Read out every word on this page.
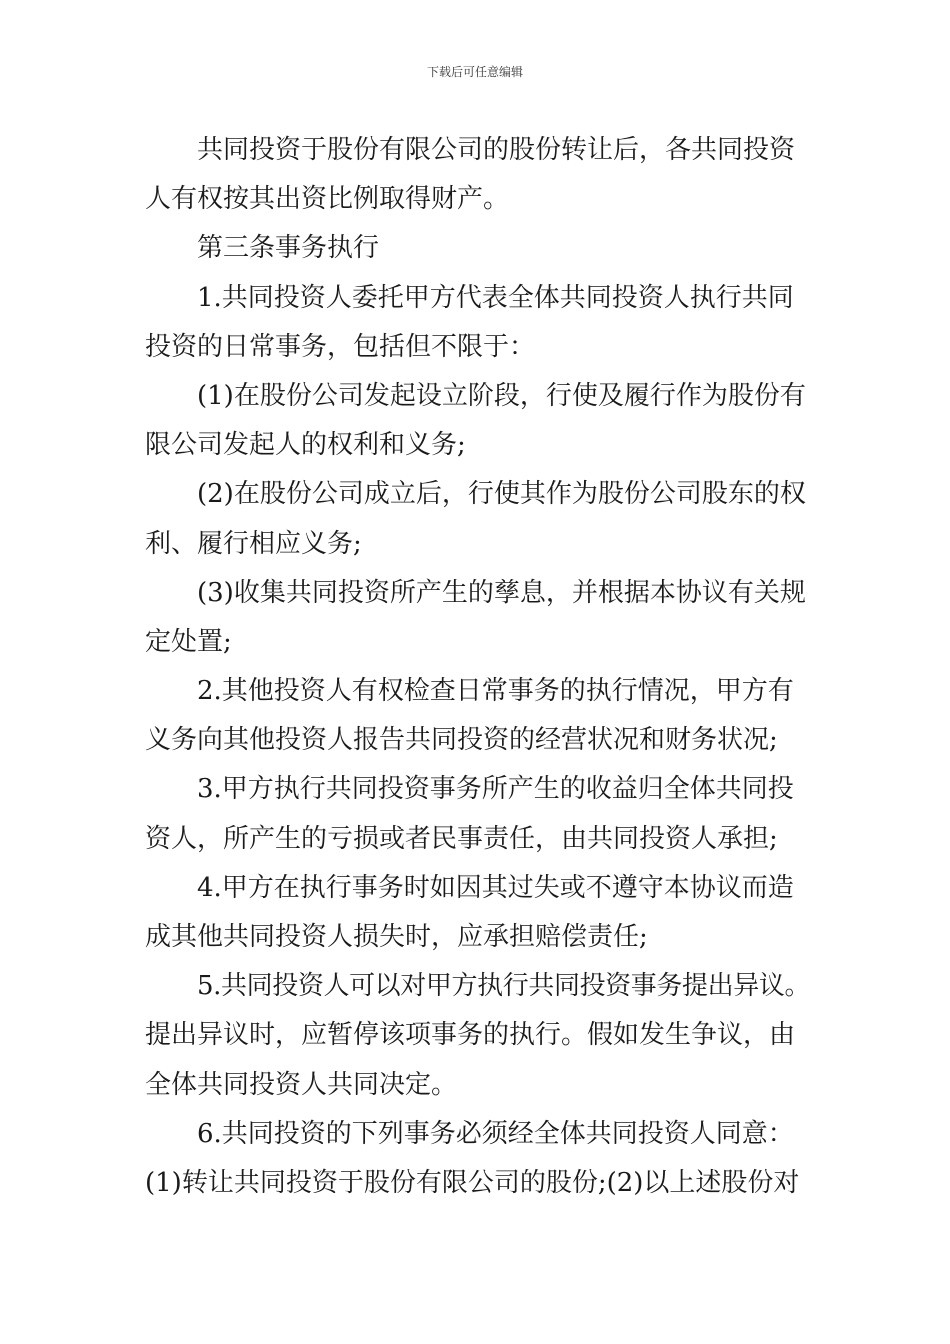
下载后可任意编辑
共同投资于股份有限公司的股份转让后，各共同投资
人有权按其出资比例取得财产。
第三条事务执行
1.共同投资人委托甲方代表全体共同投资人执行共同
投资的日常事务，包括但不限于：
(1)在股份公司发起设立阶段，行使及履行作为股份有
限公司发起人的权利和义务;
(2)在股份公司成立后，行使其作为股份公司股东的权
利、履行相应义务;
(3)收集共同投资所产生的孳息，并根据本协议有关规
定处置;
2.其他投资人有权检查日常事务的执行情况，甲方有
义务向其他投资人报告共同投资的经营状况和财务状况;
3.甲方执行共同投资事务所产生的收益归全体共同投
资人，所产生的亏损或者民事责任，由共同投资人承担;
4.甲方在执行事务时如因其过失或不遵守本协议而造
成其他共同投资人损失时，应承担赔偿责任;
5.共同投资人可以对甲方执行共同投资事务提出异议。
提出异议时，应暂停该项事务的执行。假如发生争议，由
全体共同投资人共同决定。
6.共同投资的下列事务必须经全体共同投资人同意：
(1)转让共同投资于股份有限公司的股份;(2)以上述股份对
